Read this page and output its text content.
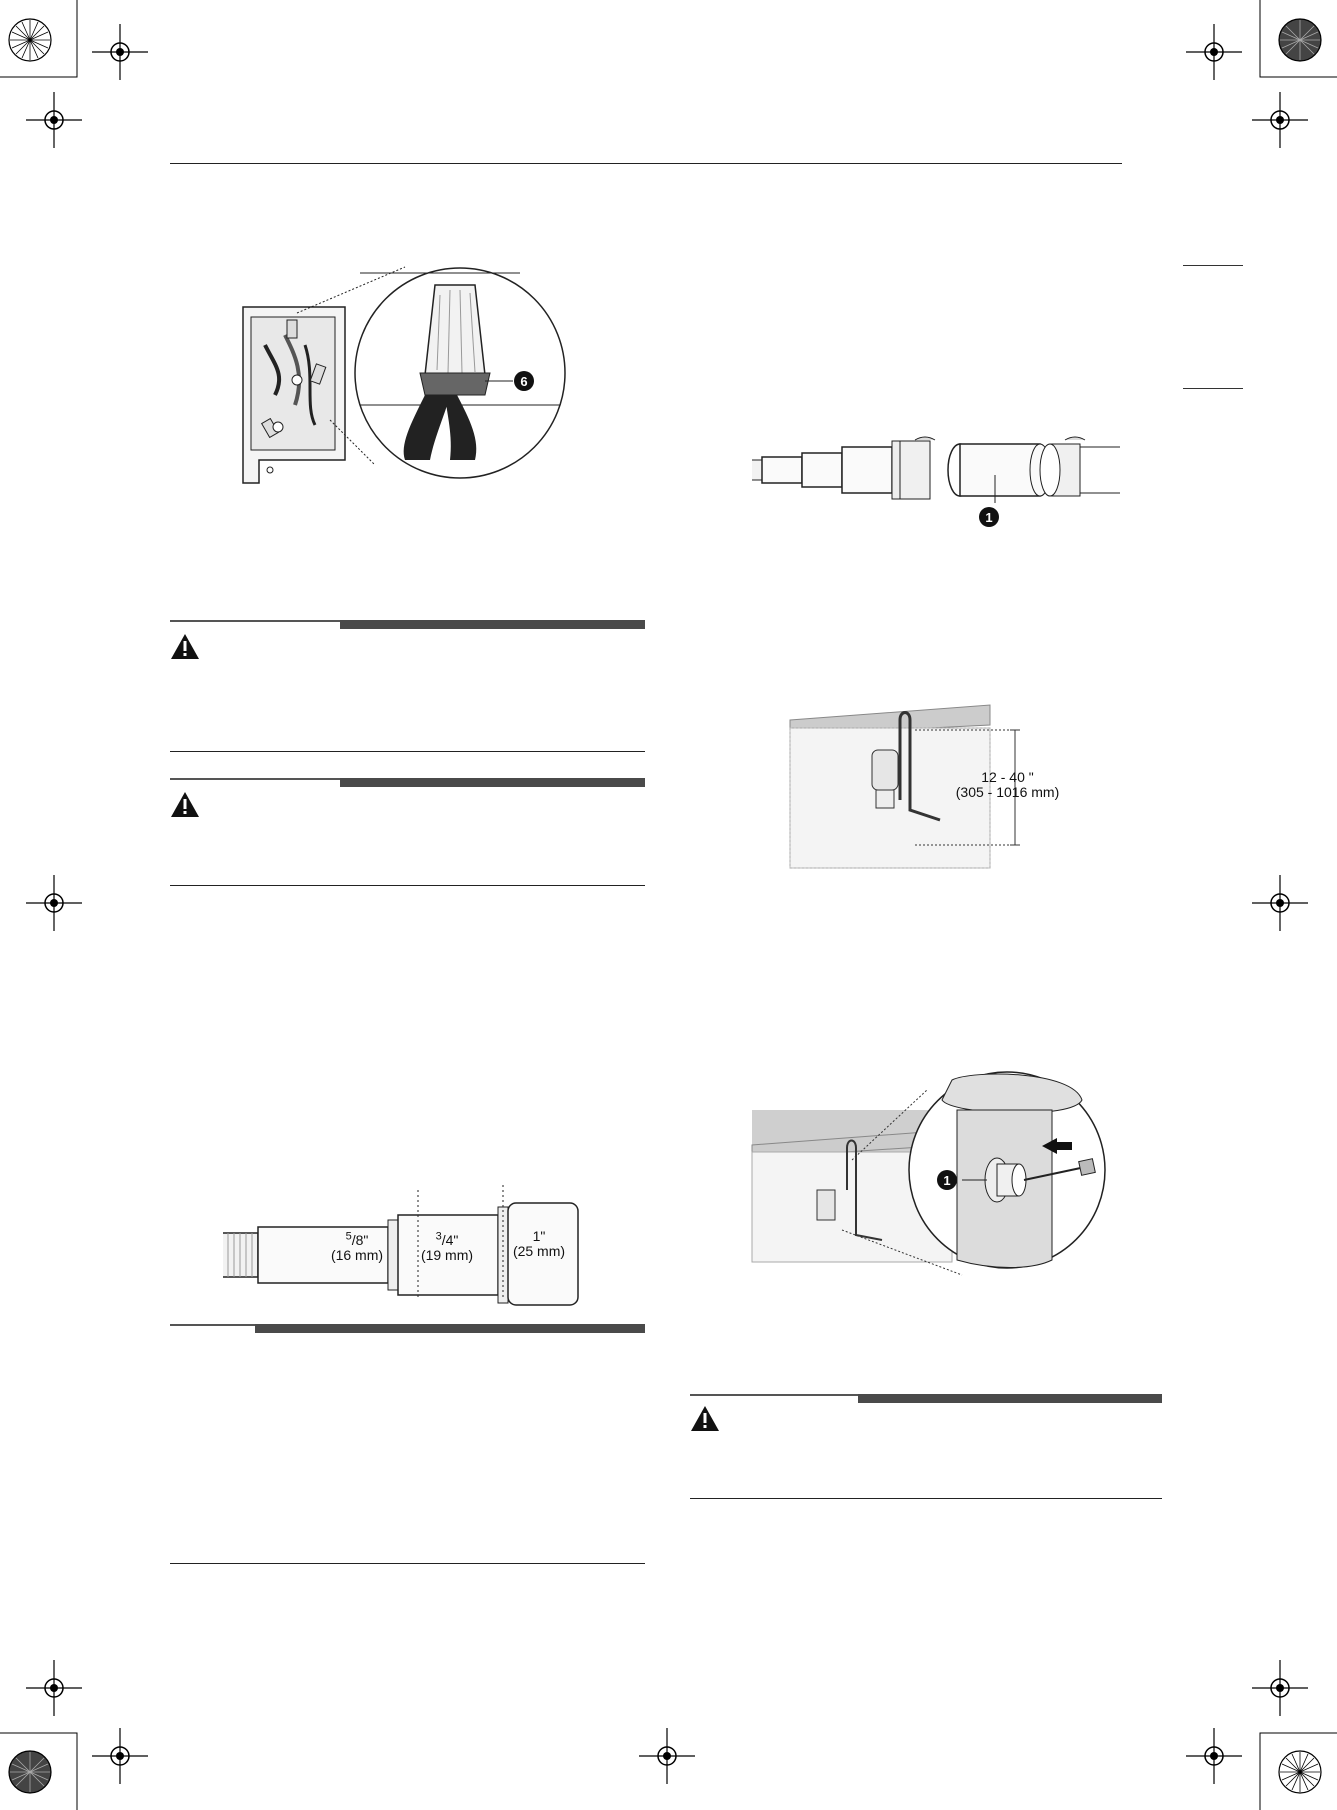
6
$^5$/8"
(16 mm)
$^3$/4"
(19 mm)
1"
(25 mm)
1
12 - 40 "
(305 - 1016 mm)
1
